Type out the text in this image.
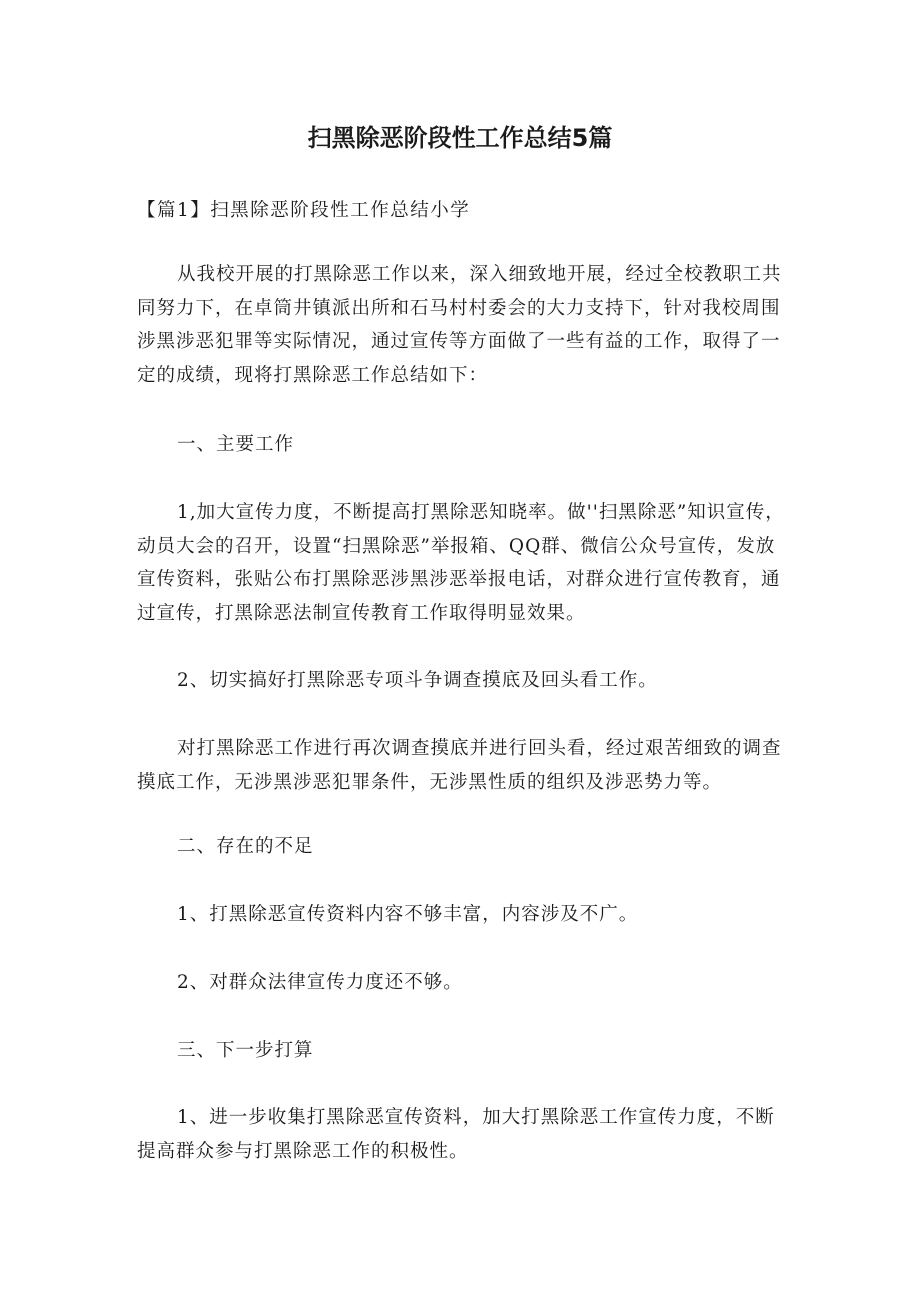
扫黑除恶阶段性工作总结5篇

【篇1】扫黑除恶阶段性工作总结小学

从我校开展的打黑除恶工作以来，深入细致地开展，经过全校教职工共同努力下，在卓筒井镇派出所和石马村村委会的大力支持下，针对我校周围涉黑涉恶犯罪等实际情况，通过宣传等方面做了一些有益的工作，取得了一定的成绩，现将打黑除恶工作总结如下：

一、主要工作

1,加大宣传力度，不断提高打黑除恶知晓率。做''扫黑除恶”知识宣传，动员大会的召开，设置“扫黑除恶”举报箱、QQ群、微信公众号宣传，发放宣传资料，张贴公布打黑除恶涉黑涉恶举报电话，对群众进行宣传教育，通过宣传，打黑除恶法制宣传教育工作取得明显效果。

2、切实搞好打黑除恶专项斗争调查摸底及回头看工作。

对打黑除恶工作进行再次调查摸底并进行回头看，经过艰苦细致的调查摸底工作，无涉黑涉恶犯罪条件，无涉黑性质的组织及涉恶势力等。

二、存在的不足

1、打黑除恶宣传资料内容不够丰富，内容涉及不广。

2、对群众法律宣传力度还不够。

三、下一步打算

1、进一步收集打黑除恶宣传资料，加大打黑除恶工作宣传力度，不断提高群众参与打黑除恶工作的积极性。
